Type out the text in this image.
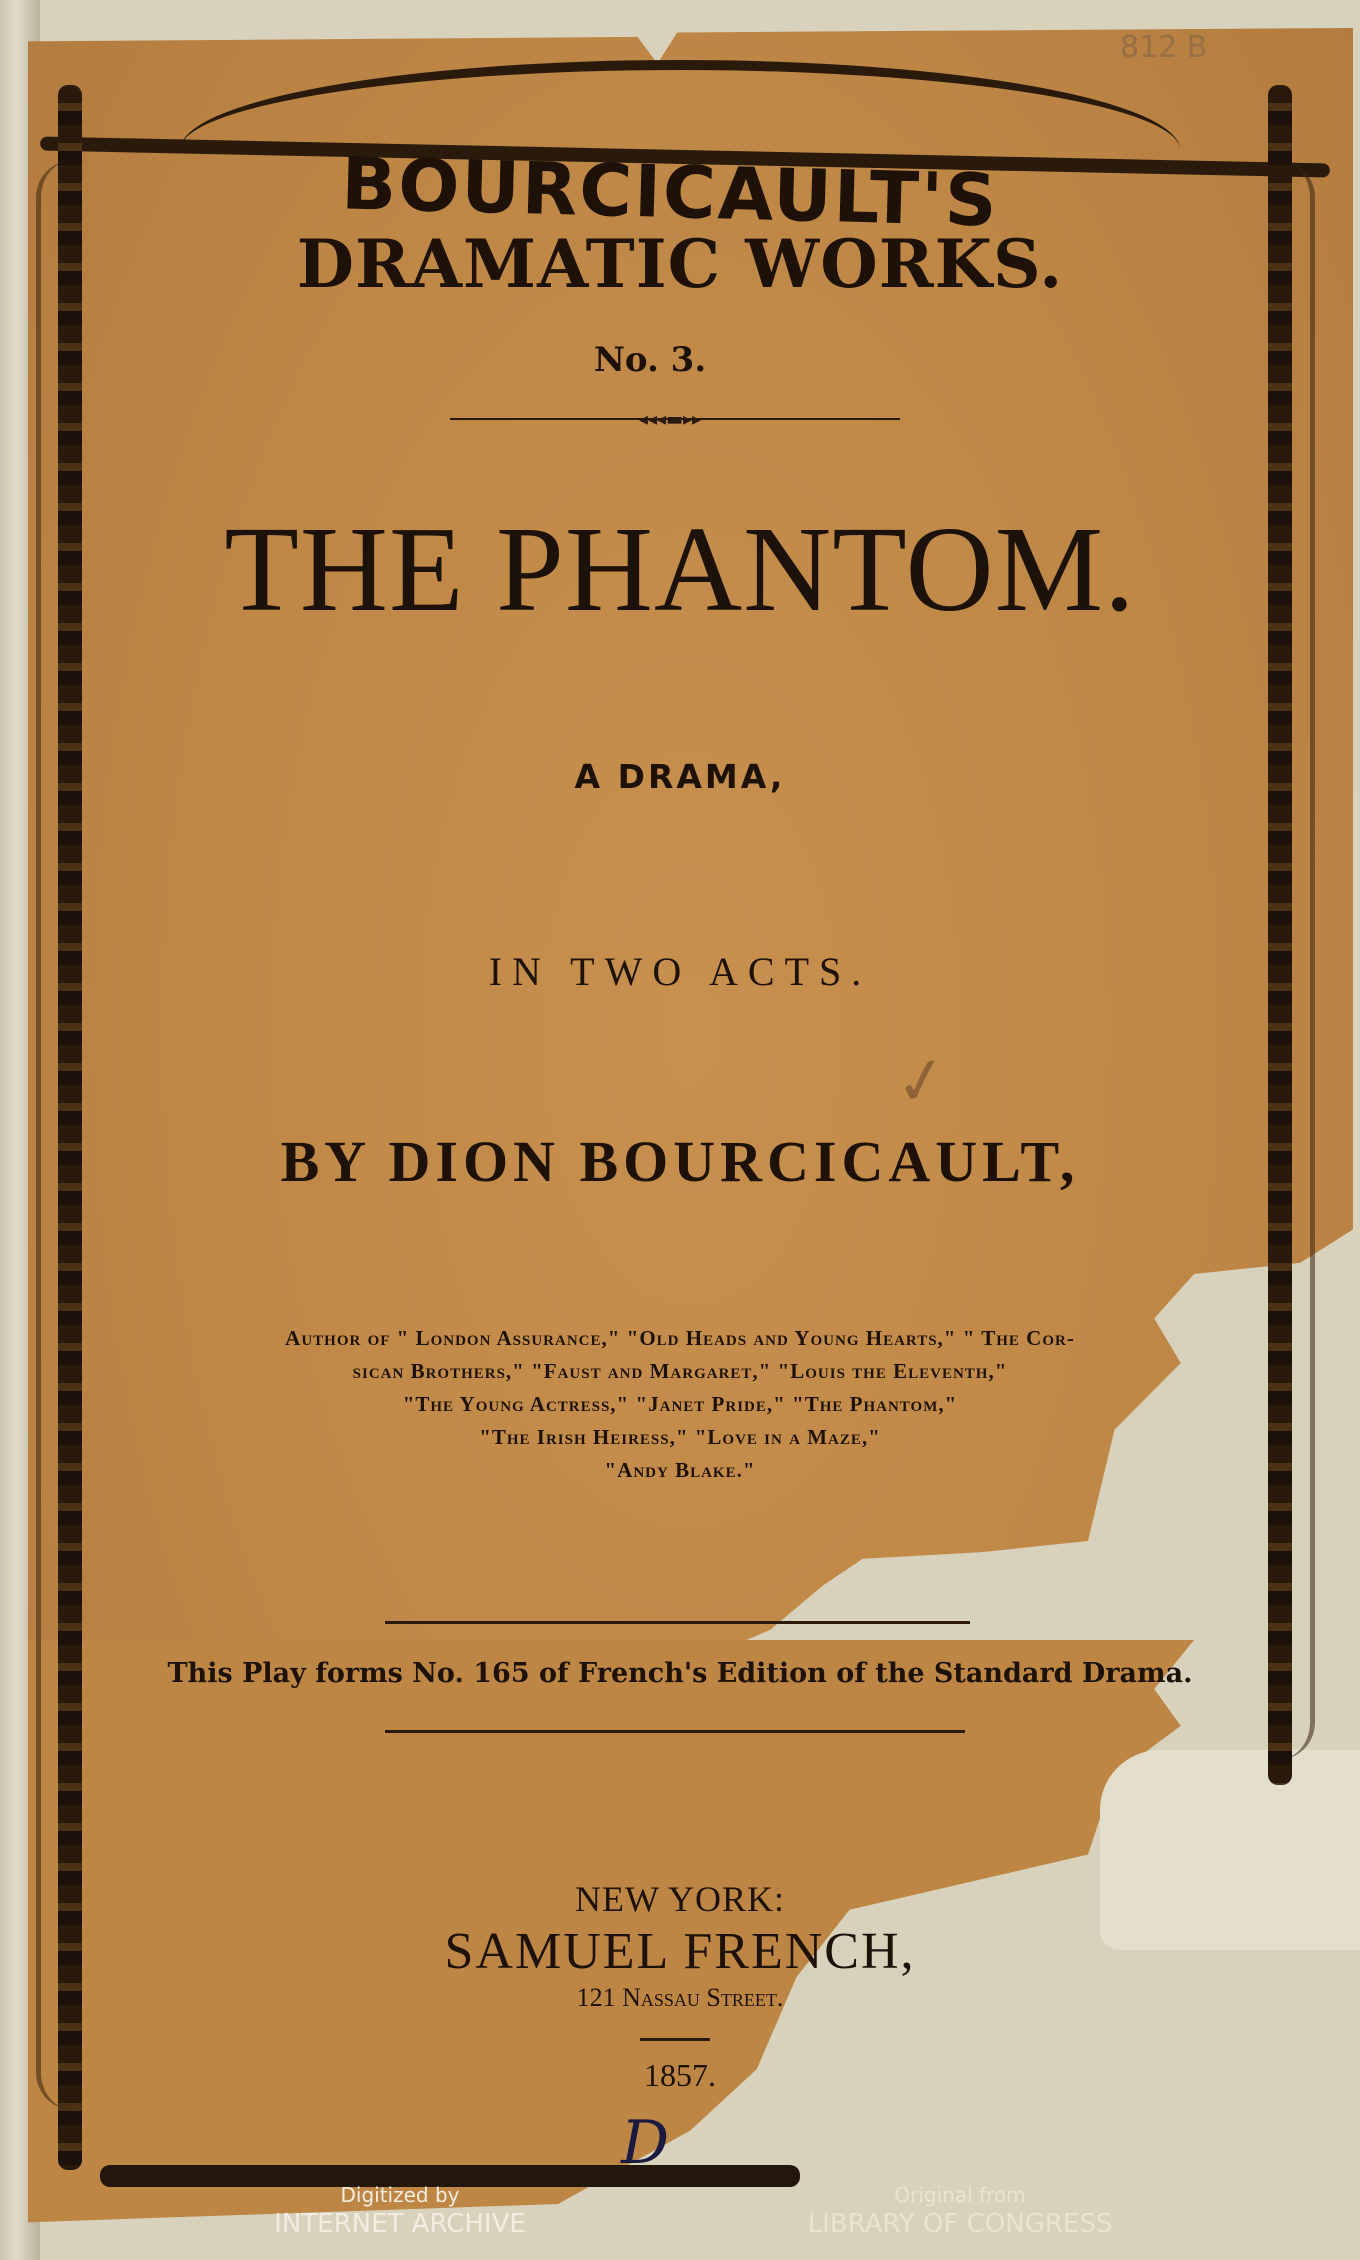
812 B
BOURCICAULT'S
DRAMATIC WORKS.
No. 3.
◂◂◂▬▸▸
THE PHANTOM.
A DRAMA,
IN TWO ACTS.
✓
BY DION BOURCICAULT,
Author of " London Assurance," "Old Heads and Young Hearts," " The Cor-
sican Brothers," "Faust and Margaret," "Louis the Eleventh,"
"The Young Actress," "Janet Pride," "The Phantom,"
"The Irish Heiress," "Love in a Maze,"
"Andy Blake."
This Play forms No. 165 of French's Edition of the Standard Drama.
NEW YORK:
SAMUEL FRENCH,
121 Nassau Street.
1857.
D
Digitized by
INTERNET ARCHIVE
Original from
LIBRARY OF CONGRESS
